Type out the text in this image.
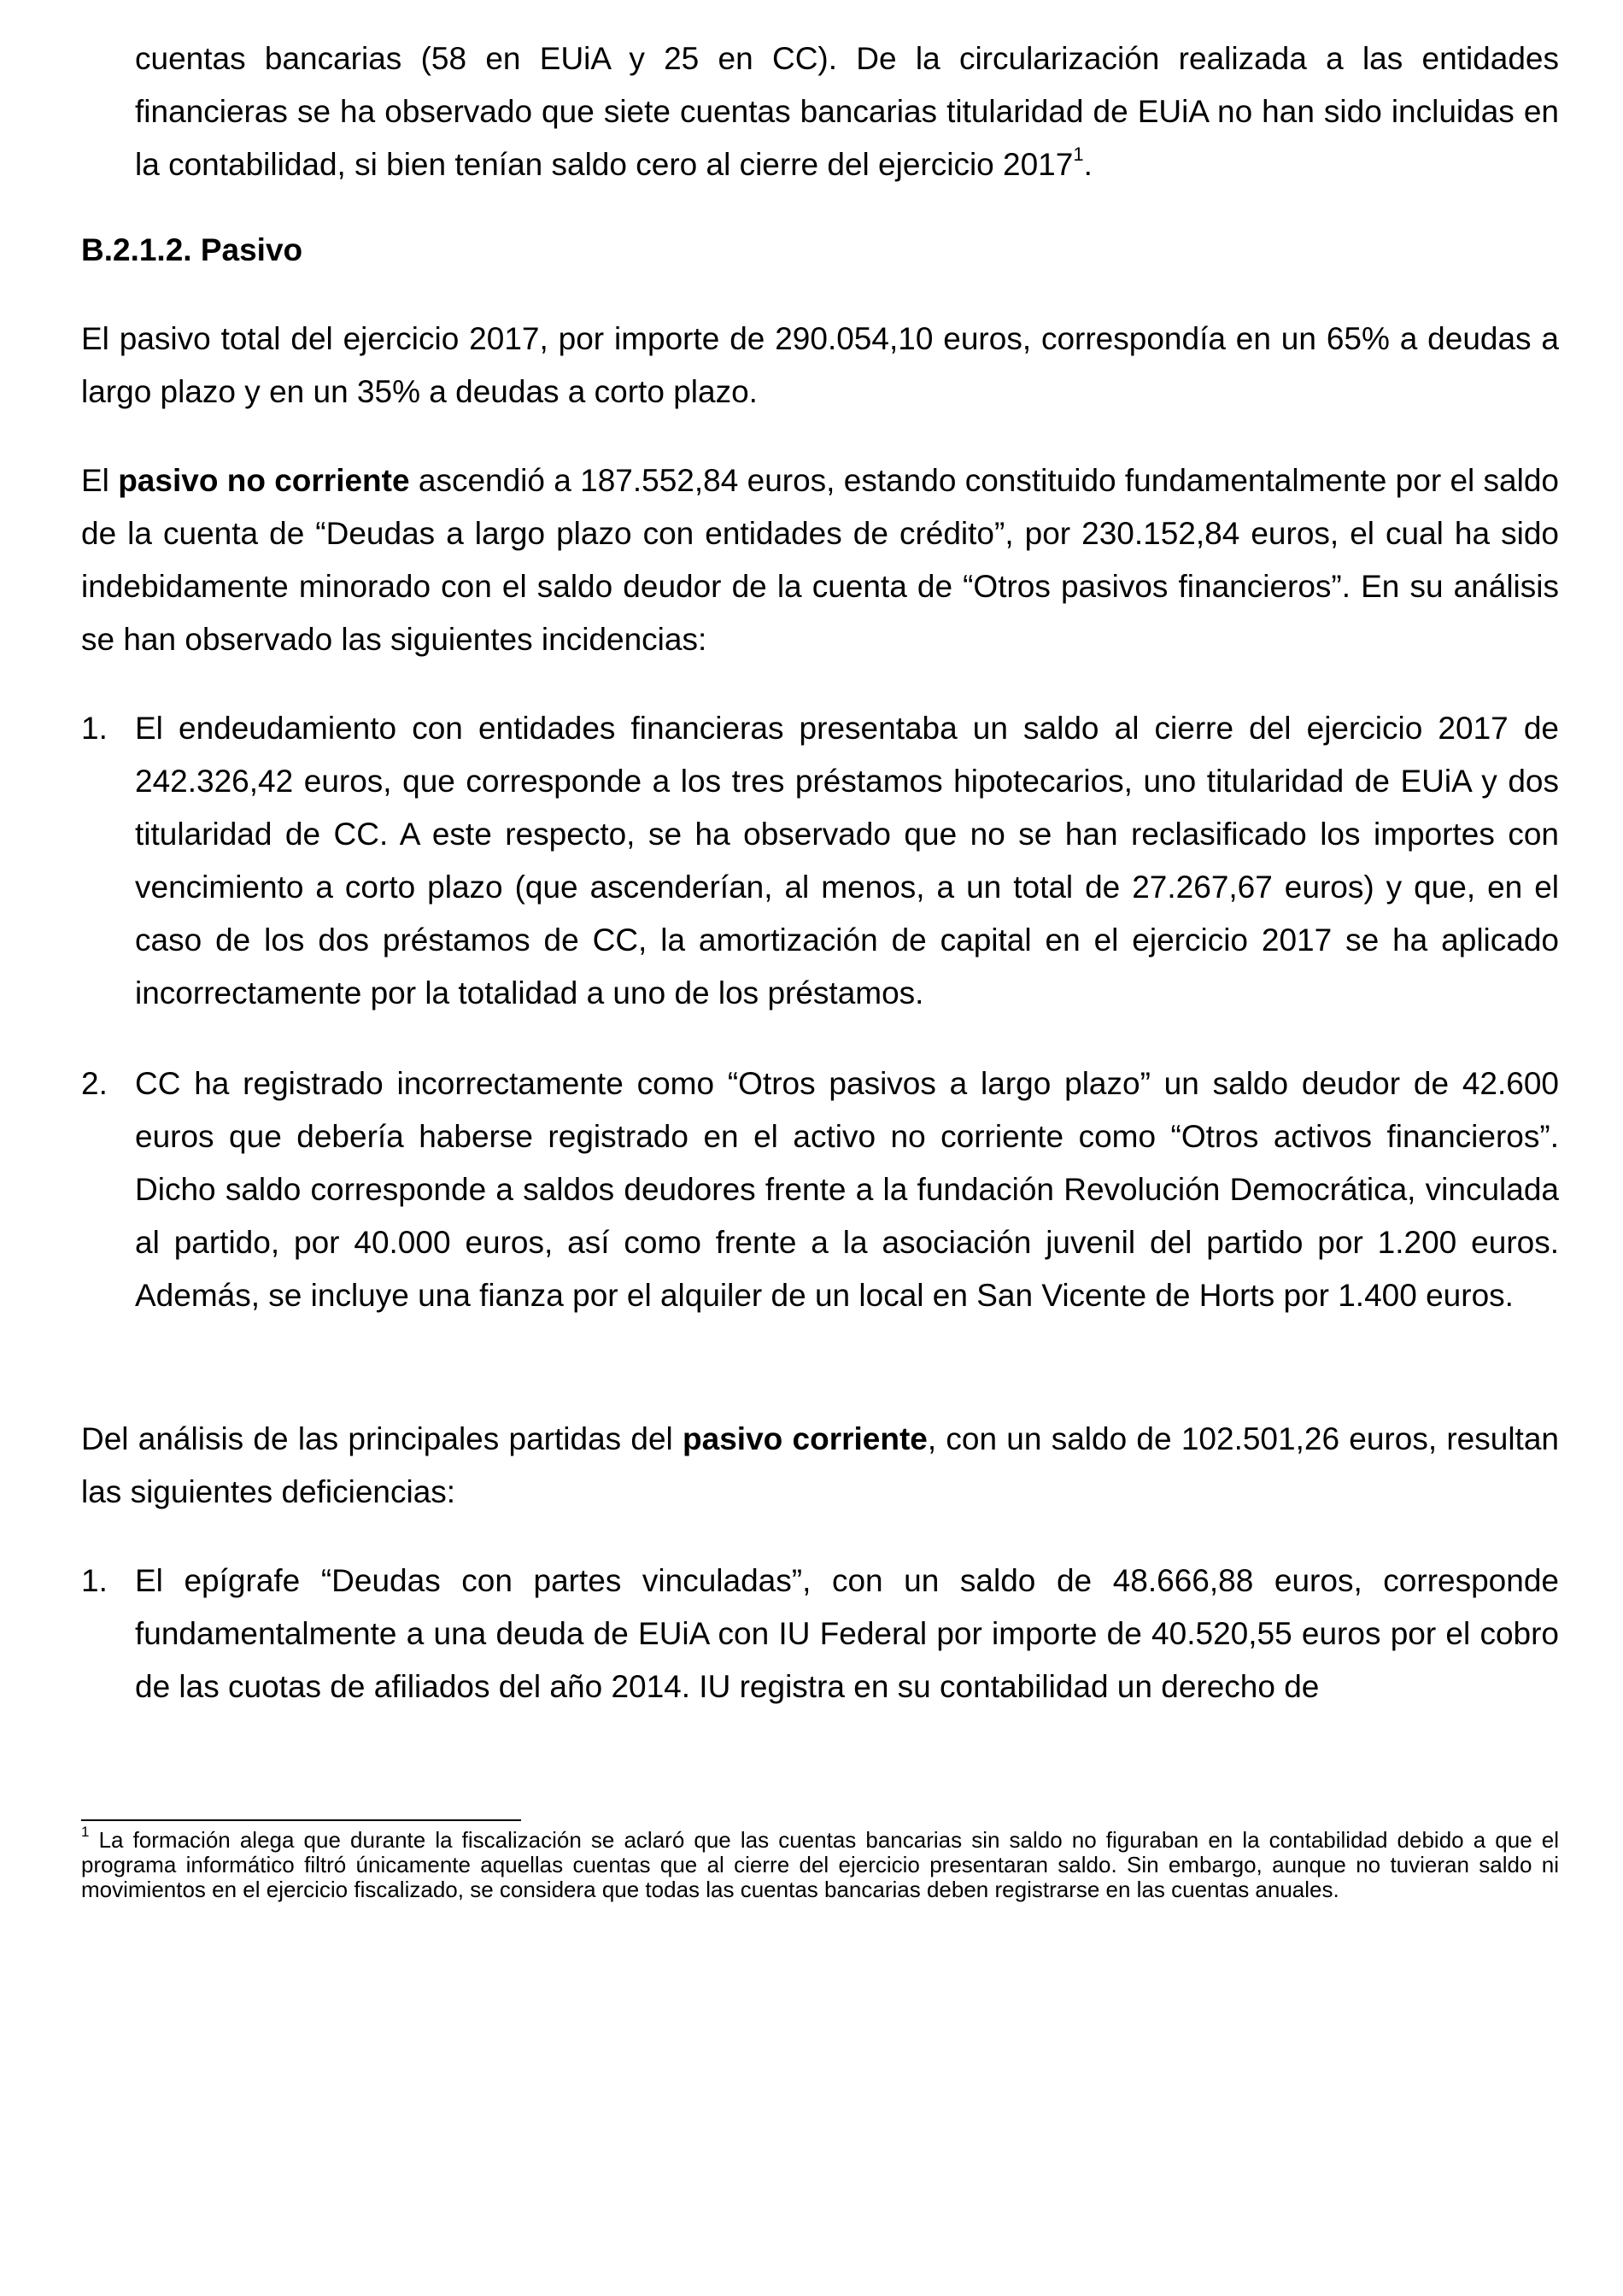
cuentas bancarias (58 en EUiA y 25 en CC). De la circularización realizada a las entidades financieras se ha observado que siete cuentas bancarias titularidad de EUiA no han sido incluidas en la contabilidad, si bien tenían saldo cero al cierre del ejercicio 2017$^1$.

B.2.1.2. Pasivo

El pasivo total del ejercicio 2017, por importe de 290.054,10 euros, correspondía en un 65% a deudas a largo plazo y en un 35% a deudas a corto plazo.

El pasivo no corriente ascendió a 187.552,84 euros, estando constituido fundamentalmente por el saldo de la cuenta de “Deudas a largo plazo con entidades de crédito”, por 230.152,84 euros, el cual ha sido indebidamente minorado con el saldo deudor de la cuenta de “Otros pasivos financieros”. En su análisis se han observado las siguientes incidencias:

1. El endeudamiento con entidades financieras presentaba un saldo al cierre del ejercicio 2017 de 242.326,42 euros, que corresponde a los tres préstamos hipotecarios, uno titularidad de EUiA y dos titularidad de CC. A este respecto, se ha observado que no se han reclasificado los importes con vencimiento a corto plazo (que ascenderían, al menos, a un total de 27.267,67 euros) y que, en el caso de los dos préstamos de CC, la amortización de capital en el ejercicio 2017 se ha aplicado incorrectamente por la totalidad a uno de los préstamos.
2. CC ha registrado incorrectamente como “Otros pasivos a largo plazo” un saldo deudor de 42.600 euros que debería haberse registrado en el activo no corriente como “Otros activos financieros”. Dicho saldo corresponde a saldos deudores frente a la fundación Revolución Democrática, vinculada al partido, por 40.000 euros, así como frente a la asociación juvenil del partido por 1.200 euros. Además, se incluye una fianza por el alquiler de un local en San Vicente de Horts por 1.400 euros.

Del análisis de las principales partidas del pasivo corriente, con un saldo de 102.501,26 euros, resultan las siguientes deficiencias:

1. El epígrafe “Deudas con partes vinculadas”, con un saldo de 48.666,88 euros, corresponde fundamentalmente a una deuda de EUiA con IU Federal por importe de 40.520,55 euros por el cobro de las cuotas de afiliados del año 2014. IU registra en su contabilidad un derecho de

$^1$ La formación alega que durante la fiscalización se aclaró que las cuentas bancarias sin saldo no figuraban en la contabilidad debido a que el programa informático filtró únicamente aquellas cuentas que al cierre del ejercicio presentaran saldo. Sin embargo, aunque no tuvieran saldo ni movimientos en el ejercicio fiscalizado, se considera que todas las cuentas bancarias deben registrarse en las cuentas anuales.
